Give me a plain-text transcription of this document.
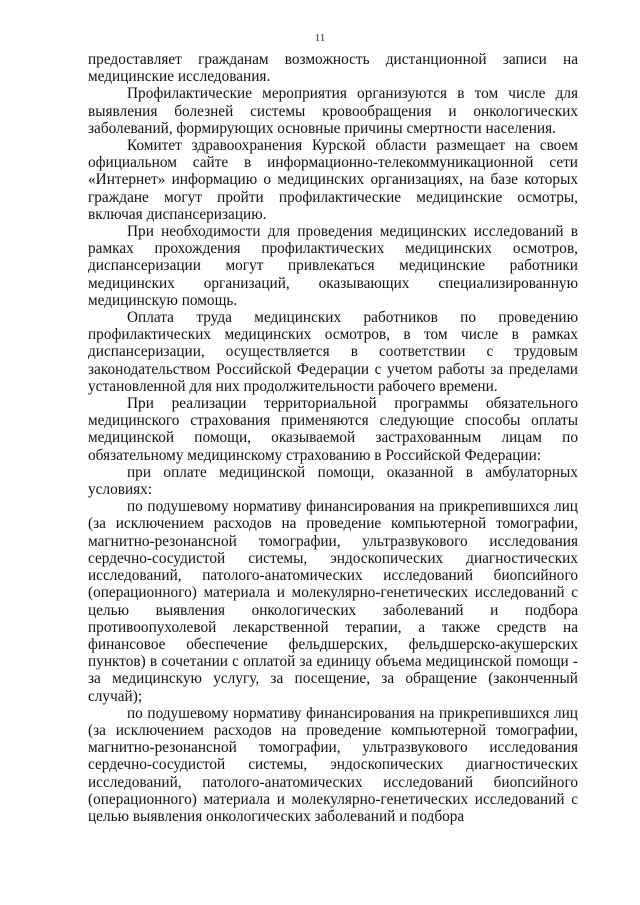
11

предоставляет гражданам возможность дистанционной записи на медицинские исследования.

Профилактические мероприятия организуются в том числе для выявления болезней системы кровообращения и онкологических заболеваний, формирующих основные причины смертности населения.

Комитет здравоохранения Курской области размещает на своем официальном сайте в информационно-телекоммуникационной сети «Интернет» информацию о медицинских организациях, на базе которых граждане могут пройти профилактические медицинские осмотры, включая диспансеризацию.

При необходимости для проведения медицинских исследований в рамках прохождения профилактических медицинских осмотров, диспансеризации могут привлекаться медицинские работники медицинских организаций, оказывающих специализированную медицинскую помощь.

Оплата труда медицинских работников по проведению профилактических медицинских осмотров, в том числе в рамках диспансеризации, осуществляется в соответствии с трудовым законодательством Российской Федерации с учетом работы за пределами установленной для них продолжительности рабочего времени.

При реализации территориальной программы обязательного медицинского страхования применяются следующие способы оплаты медицинской помощи, оказываемой застрахованным лицам по обязательному медицинскому страхованию в Российской Федерации:

при оплате медицинской помощи, оказанной в амбулаторных условиях:

по подушевому нормативу финансирования на прикрепившихся лиц (за исключением расходов на проведение компьютерной томографии, магнитно-резонансной томографии, ультразвукового исследования сердечно-сосудистой системы, эндоскопических диагностических исследований, патолого-анатомических исследований биопсийного (операционного) материала и молекулярно-генетических исследований с целью выявления онкологических заболеваний и подбора противоопухолевой лекарственной терапии, а также средств на финансовое обеспечение фельдшерских, фельдшерско-акушерских пунктов) в сочетании с оплатой за единицу объема медицинской помощи - за медицинскую услугу, за посещение, за обращение (законченный случай);

по подушевому нормативу финансирования на прикрепившихся лиц (за исключением расходов на проведение компьютерной томографии, магнитно-резонансной томографии, ультразвукового исследования сердечно-сосудистой системы, эндоскопических диагностических исследований, патолого-анатомических исследований биопсийного (операционного) материала и молекулярно-генетических исследований с целью выявления онкологических заболеваний и подбора
